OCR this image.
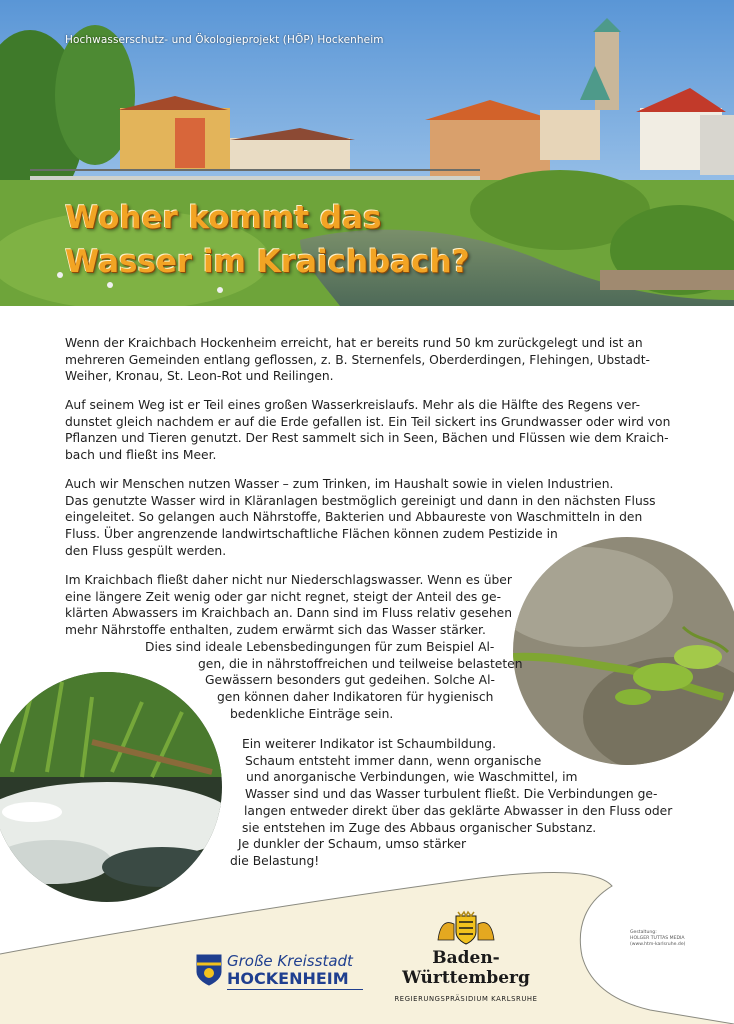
Hochwasserschutz- und Ökologieprojekt (HÖP) Hockenheim
Woher kommt das
Wasser im Kraichbach?

Wenn der Kraichbach Hockenheim erreicht, hat er bereits rund 50 km zurückgelegt und ist an
mehreren Gemeinden entlang geflossen, z. B. Sternenfels, Oberderdingen, Flehingen, Ubstadt-
Weiher, Kronau, St. Leon-Rot und Reilingen.

Auf seinem Weg ist er Teil eines großen Wasserkreislaufs. Mehr als die Hälfte des Regens ver-
dunstet gleich nachdem er auf die Erde gefallen ist. Ein Teil sickert ins Grundwasser oder wird von
Pflanzen und Tieren genutzt. Der Rest sammelt sich in Seen, Bächen und Flüssen wie dem Kraich-
bach und fließt ins Meer.

Auch wir Menschen nutzen Wasser – zum Trinken, im Haushalt sowie in vielen Industrien.
Das genutzte Wasser wird in Kläranlagen bestmöglich gereinigt und dann in den nächsten Fluss
eingeleitet. So gelangen auch Nährstoffe, Bakterien und Abbaureste von Waschmitteln in den
Fluss. Über angrenzende landwirtschaftliche Flächen können zudem Pestizide in
den Fluss gespült werden.

Im Kraichbach fließt daher nicht nur Niederschlagswasser. Wenn es über
eine längere Zeit wenig oder gar nicht regnet, steigt der Anteil des ge-
klärten Abwassers im Kraichbach an. Dann sind im Fluss relativ gesehen
mehr Nährstoffe enthalten, zudem erwärmt sich das Wasser stärker.

Dies sind ideale Lebensbedingungen für zum Beispiel Al-
gen, die in nährstoffreichen und teilweise belasteten
Gewässern besonders gut gedeihen. Solche Al-
gen können daher Indikatoren für hygienisch
bedenkliche Einträge sein.

Ein weiterer Indikator ist Schaumbildung.
Schaum entsteht immer dann, wenn organische
und anorganische Verbindungen, wie Waschmittel, im
Wasser sind und das Wasser turbulent fließt. Die Verbindungen ge-
langen entweder direkt über das geklärte Abwasser in den Fluss oder
sie entstehen im Zuge des Abbaus organischer Substanz.
Je dunkler der Schaum, umso stärker
die Belastung!

Gestaltung:
HOLGER TUTTAS MEDIA
(www.htm-karlsruhe.de)
Große Kreisstadt
HOCKENHEIM
Baden-Württemberg
REGIERUNGSPRÄSIDIUM KARLSRUHE
